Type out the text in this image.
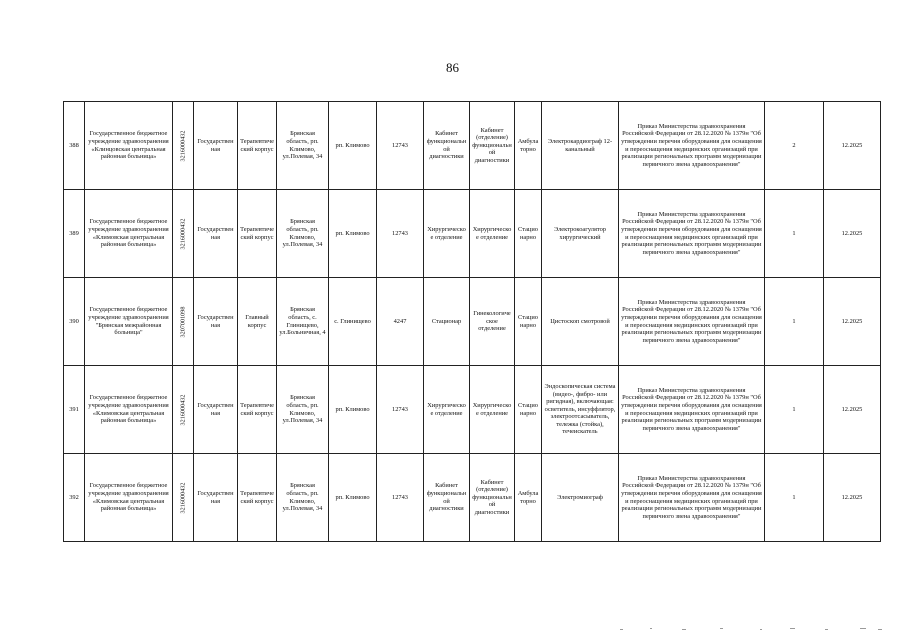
86
388	Государственное бюджетное учреждение здравоохранения «Клинцовская центральная районная больница»	3216000432	Государственная	Терапевтический корпус	Брянская область, рп. Климово, ул.Полевая, 34	рп. Климово	12743	Кабинет функциональной диагностики	Кабинет (отделение) функциональной диагностики	Амбулаторно	Электрокардиограф 12-канальный	Приказ Министерства здравоохранения Российской Федерации от 28.12.2020 № 1379н "Об утверждении перечня оборудования для оснащения и переоснащения медицинских организаций при реализации региональных программ модернизации первичного звена здравоохранения"	2	12.2025
389	Государственное бюджетное учреждение здравоохранения «Климовская центральная районная больница»	3216000432	Государственная	Терапевтический корпус	Брянская область, рп. Климово, ул.Полевая, 34	рп. Климово	12743	Хирургическое отделение	Хирургическое отделение	Стационарно	Электрокоагулятор хирургический	Приказ Министерства здравоохранения Российской Федерации от 28.12.2020 № 1379н "Об утверждении перечня оборудования для оснащения и переоснащения медицинских организаций при реализации региональных программ модернизации первичного звена здравоохранения"	1	12.2025
390	Государственное бюджетное учреждение здравоохранения "Брянская межрайонная больница"	3207001098	Государственная	Главный корпус	Брянская область, с. Глинищево, ул.Больничная, 4	с. Глинищево	4247	Стационар	Гинекологическое отделение	Стационарно	Цистоскоп смотровой	Приказ Министерства здравоохранения Российской Федерации от 28.12.2020 № 1379н "Об утверждении перечня оборудования для оснащения и переоснащения медицинских организаций при реализации региональных программ модернизации первичного звена здравоохранения"	1	12.2025
391	Государственное бюджетное учреждение здравоохранения «Климовская центральная районная больница»	3216000432	Государственная	Терапевтический корпус	Брянская область, рп. Климово, ул.Полевая, 34	рп. Климово	12743	Хирургическое отделение	Хирургическое отделение	Стационарно	Эндоскопическая система (видео-, фибро- или ригидная), включающая: осветитель, инсуффлятор, электроотсасыватель, тележка (стойка), течеискатель	Приказ Министерства здравоохранения Российской Федерации от 28.12.2020 № 1379н "Об утверждении перечня оборудования для оснащения и переоснащения медицинских организаций при реализации региональных программ модернизации первичного звена здравоохранения"	1	12.2025
392	Государственное бюджетное учреждение здравоохранения «Климовская центральная районная больница»	3216000432	Государственная	Терапевтический корпус	Брянская область, рп. Климово, ул.Полевая, 34	рп. Климово	12743	Кабинет функциональной диагностики	Кабинет (отделение) функциональной диагностики	Амбулаторно	Электромиограф	Приказ Министерства здравоохранения Российской Федерации от 28.12.2020 № 1379н "Об утверждении перечня оборудования для оснащения и переоснащения медицинских организаций при реализации региональных программ модернизации первичного звена здравоохранения"	1	12.2025
